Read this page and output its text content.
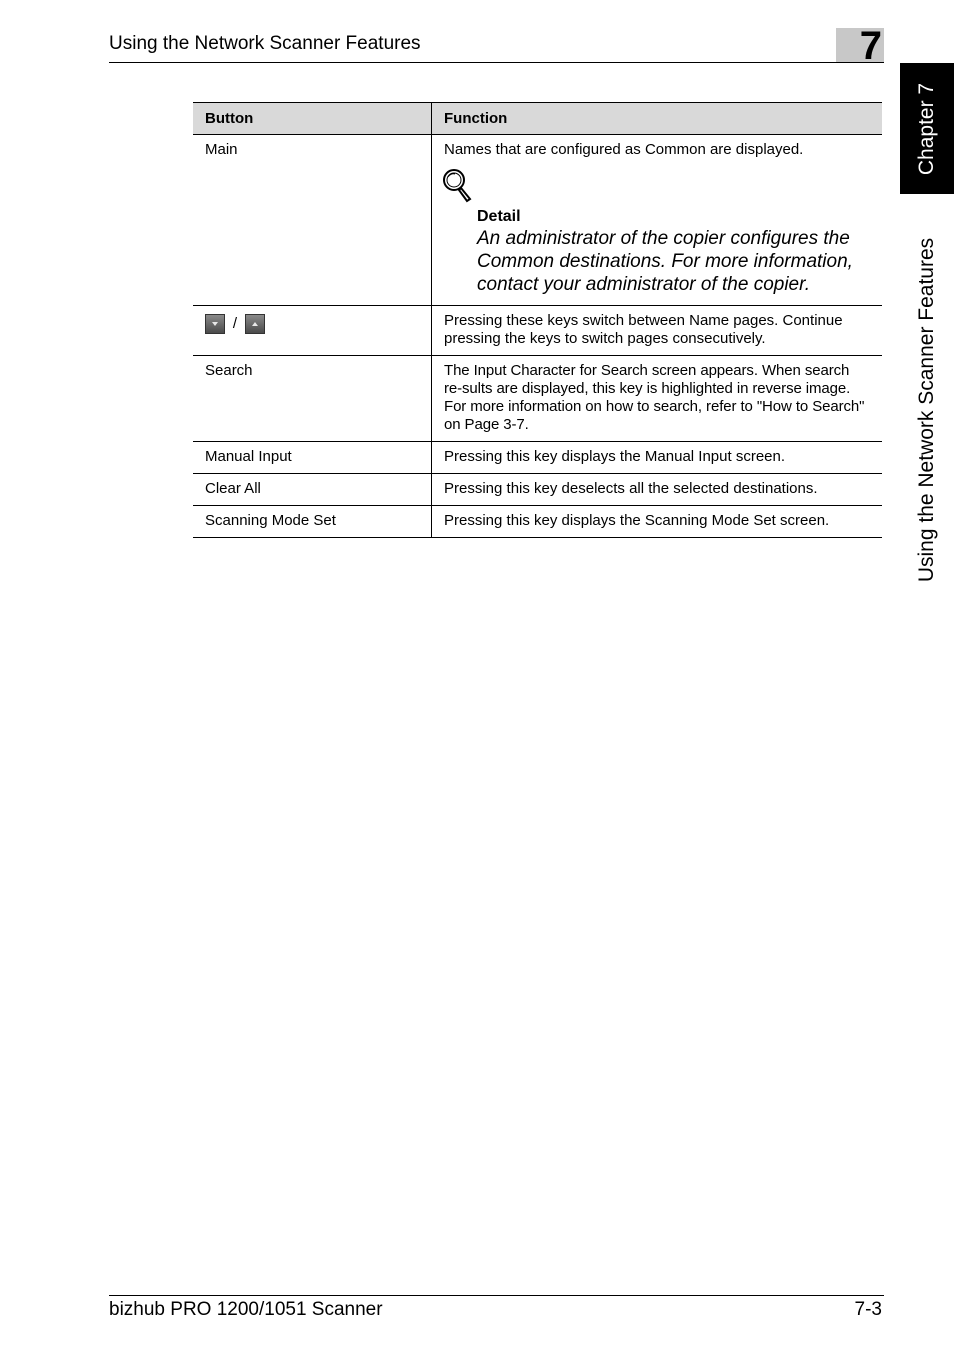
Using the Network Scanner Features	7
Chapter 7
Using the Network Scanner Features
Button	Function
Main	Names that are configured as Common are displayed.
Detail
An administrator of the copier configures the Common destinations. For more information, contact your administrator of the copier.

/	Pressing these keys switch between Name pages. Continue pressing the keys to switch pages consecutively.
Search	The Input Character for Search screen appears. When search re-sults are displayed, this key is highlighted in reverse image. For more information on how to search, refer to "How to Search" on Page 3-7.
Manual Input	Pressing this key displays the Manual Input screen.
Clear All	Pressing this key deselects all the selected destinations.
Scanning Mode Set	Pressing this key displays the Scanning Mode Set screen.
bizhub PRO 1200/1051 Scanner	7-3
